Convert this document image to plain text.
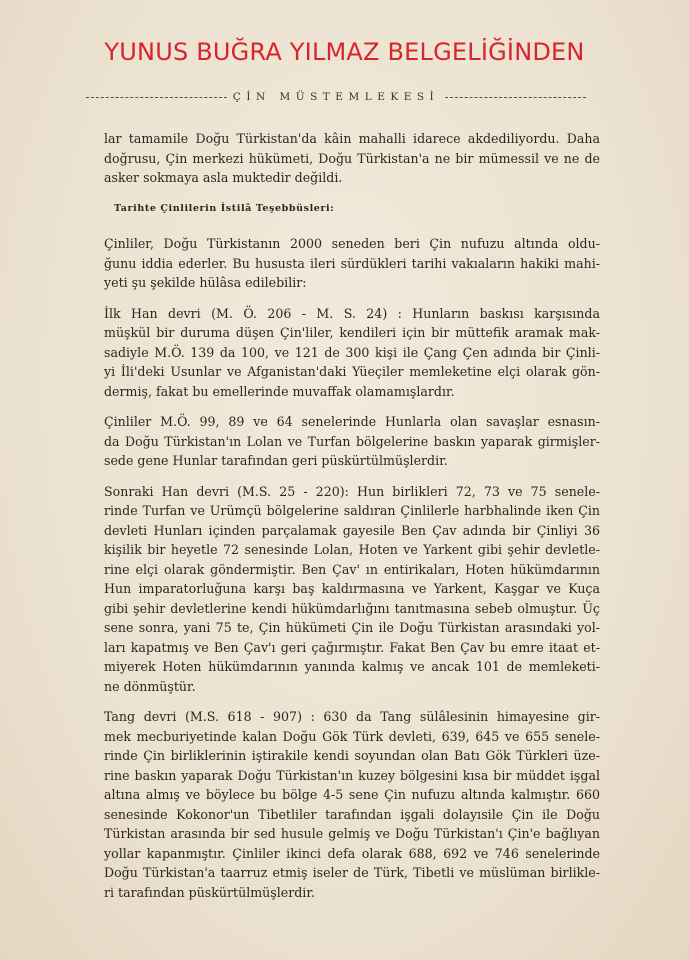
YUNUS BUĞRA YILMAZ BELGELİĞİNDEN
ÇİN MÜSTEMLEKESİ

lar tamamile Doğu Türkistan'da kâin mahalli idarece akdediliyordu. Daha
doğrusu, Çin merkezi hükümeti, Doğu Türkistan'a ne bir mümessil ve ne de
asker sokmaya asla muktedir değildi.

Tarihte Çinlilerin İstilâ Teşebbüsleri:

Çinliler, Doğu Türkistanın 2000 seneden beri Çin nufuzu altında oldu-
ğunu iddia ederler. Bu hususta ileri sürdükleri tarihi vakıaların hakiki mahi-
yeti şu şekilde hülâsa edilebilir:

İlk Han devri (M. Ö. 206 - M. S. 24) : Hunların baskısı karşısında
müşkül bir duruma düşen Çin'liler, kendileri için bir müttefik aramak mak-
sadiyle M.Ö. 139 da 100, ve 121 de 300 kişi ile Çang Çen adında bir Çinli-
yi İli'deki Usunlar ve Afganistan'daki Yüeçiler memleketine elçi olarak gön-
dermiş, fakat bu emellerinde muvaffak olamamışlardır.

Çinliler M.Ö. 99, 89 ve 64 senelerinde Hunlarla olan savaşlar esnasın-
da Doğu Türkistan'ın Lolan ve Turfan bölgelerine baskın yaparak girmişler-
sede gene Hunlar tarafından geri püskürtülmüşlerdir.

Sonraki Han devri (M.S. 25 - 220): Hun birlikleri 72, 73 ve 75 senele-
rinde Turfan ve Urümçü bölgelerine saldıran Çinlilerle harbhalinde iken Çin
devleti Hunları içinden parçalamak gayesile Ben Çav adında bir Çinliyi 36
kişilik bir heyetle 72 senesinde Lolan, Hoten ve Yarkent gibi şehir devletle-
rine elçi olarak göndermiştir. Ben Çav' ın entirikaları, Hoten hükümdarının
Hun imparatorluğuna karşı baş kaldırmasına ve Yarkent, Kaşgar ve Kuça
gibi şehir devletlerine kendi hükümdarlığını tanıtmasına sebeb olmuştur. Üç
sene sonra, yani 75 te, Çin hükümeti Çin ile Doğu Türkistan arasındaki yol-
ları kapatmış ve Ben Çav'ı geri çağırmıştır. Fakat Ben Çav bu emre itaat et-
miyerek Hoten hükümdarının yanında kalmış ve ancak 101 de memleketi-
ne dönmüştür.

Tang devri (M.S. 618 - 907) : 630 da Tang sülâlesinin himayesine gir-
mek mecburiyetinde kalan Doğu Gök Türk devleti, 639, 645 ve 655 senele-
rinde Çin birliklerinin iştirakile kendi soyundan olan Batı Gök Türkleri üze-
rine baskın yaparak Doğu Türkistan'ın kuzey bölgesini kısa bir müddet işgal
altına almış ve böylece bu bölge 4-5 sene Çin nufuzu altında kalmıştır. 660
senesinde Kokonor'un Tibetliler tarafından işgali dolayısile Çin ile Doğu
Türkistan arasında bir sed husule gelmiş ve Doğu Türkistan'ı Çin'e bağlıyan
yollar kapanmıştır. Çinliler ikinci defa olarak 688, 692 ve 746 senelerinde
Doğu Türkistan'a taarruz etmiş iseler de Türk, Tibetli ve müslüman birlikle-
ri tarafından püskürtülmüşlerdir.
